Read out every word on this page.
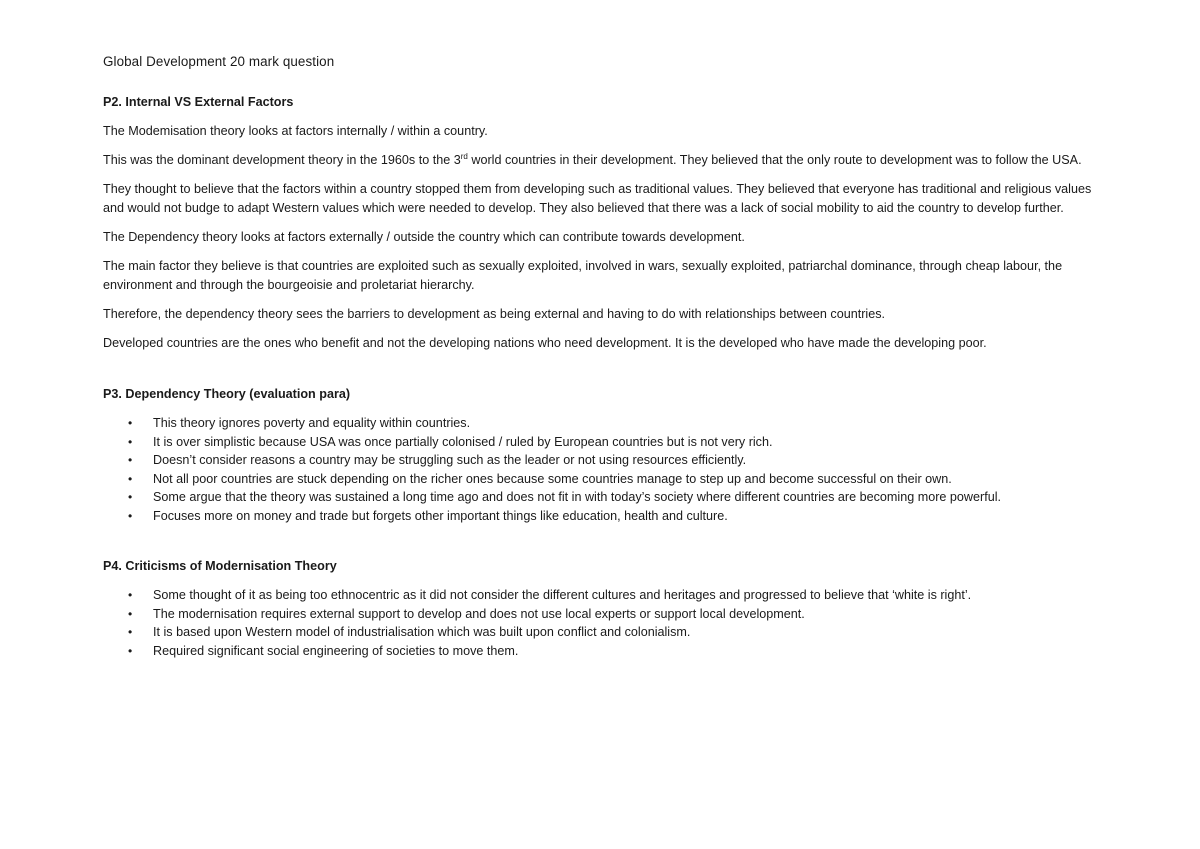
Global Development 20 mark question
P2. Internal VS External Factors

The Modemisation theory looks at factors internally / within a country.

This was the dominant development theory in the 1960s to the 3rd world countries in their development. They believed that the only route to development was to follow the USA.

They thought to believe that the factors within a country stopped them from developing such as traditional values. They believed that everyone has traditional and religious values and would not budge to adapt Western values which were needed to develop. They also believed that there was a lack of social mobility to aid the country to develop further.

The Dependency theory looks at factors externally / outside the country which can contribute towards development.

The main factor they believe is that countries are exploited such as sexually exploited, involved in wars, sexually exploited, patriarchal dominance, through cheap labour, the environment and through the bourgeoisie and proletariat hierarchy.

Therefore, the dependency theory sees the barriers to development as being external and having to do with relationships between countries.

Developed countries are the ones who benefit and not the developing nations who need development. It is the developed who have made the developing poor.

P3. Dependency Theory (evaluation para)
• This theory ignores poverty and equality within countries.
• It is over simplistic because USA was once partially colonised / ruled by European countries but is not very rich.
• Doesn’t consider reasons a country may be struggling such as the leader or not using resources efficiently.
• Not all poor countries are stuck depending on the richer ones because some countries manage to step up and become successful on their own.
• Some argue that the theory was sustained a long time ago and does not fit in with today’s society where different countries are becoming more powerful.
• Focuses more on money and trade but forgets other important things like education, health and culture.
P4. Criticisms of Modernisation Theory
• Some thought of it as being too ethnocentric as it did not consider the different cultures and heritages and progressed to believe that ‘white is right’.
• The modernisation requires external support to develop and does not use local experts or support local development.
• It is based upon Western model of industrialisation which was built upon conflict and colonialism.
• Required significant social engineering of societies to move them.
